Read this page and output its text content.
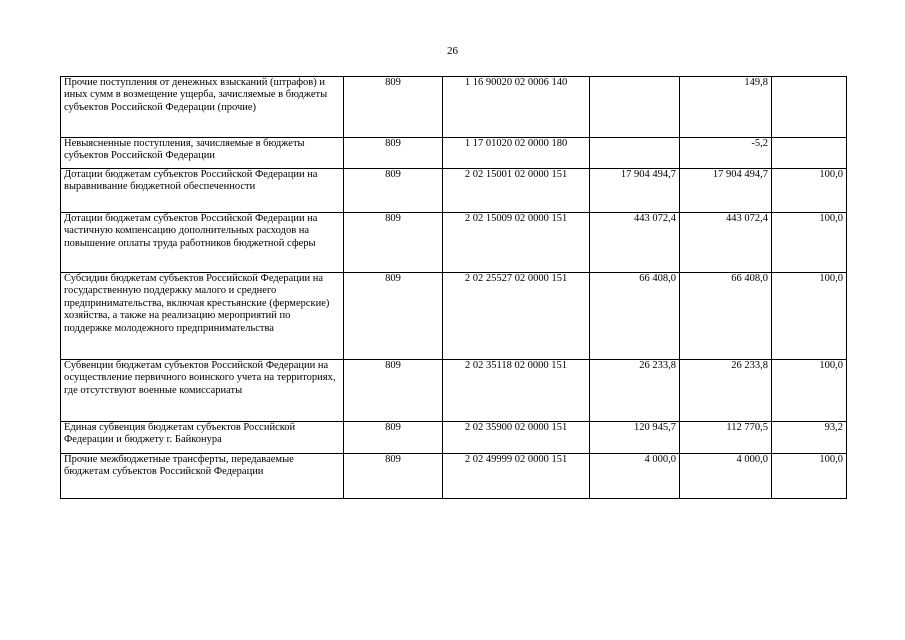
26
Прочие поступления от денежных взысканий (штрафов) и иных сумм в возмещение ущерба, зачисляемые в бюджеты субъектов Российской Федерации (прочие)	809	1 16 90020 02 0006 140		149,8	
Невыясненные поступления, зачисляемые в бюджеты субъектов Российской Федерации	809	1 17 01020 02 0000 180		-5,2	
Дотации бюджетам субъектов Российской Федерации на выравнивание бюджетной обеспеченности	809	2 02 15001 02 0000 151	17 904 494,7	17 904 494,7	100,0
Дотации бюджетам субъектов Российской Федерации на частичную компенсацию дополнительных расходов на повышение оплаты труда работников бюджетной сферы	809	2 02 15009 02 0000 151	443 072,4	443 072,4	100,0
Субсидии бюджетам субъектов Российской Федерации на государственную поддержку малого и среднего предпринимательства, включая крестьянские (фермерские) хозяйства, а также на реализацию мероприятий по поддержке молодежного предпринимательства	809	2 02 25527 02 0000 151	66 408,0	66 408,0	100,0
Субвенции бюджетам субъектов Российской Федерации на осуществление первичного воинского учета на территориях, где отсутствуют военные комиссариаты	809	2 02 35118 02 0000 151	26 233,8	26 233,8	100,0
Единая субвенция бюджетам субъектов Российской Федерации и бюджету г. Байконура	809	2 02 35900 02 0000 151	120 945,7	112 770,5	93,2
Прочие межбюджетные трансферты, передаваемые бюджетам субъектов Российской Федерации	809	2 02 49999 02 0000 151	4 000,0	4 000,0	100,0
